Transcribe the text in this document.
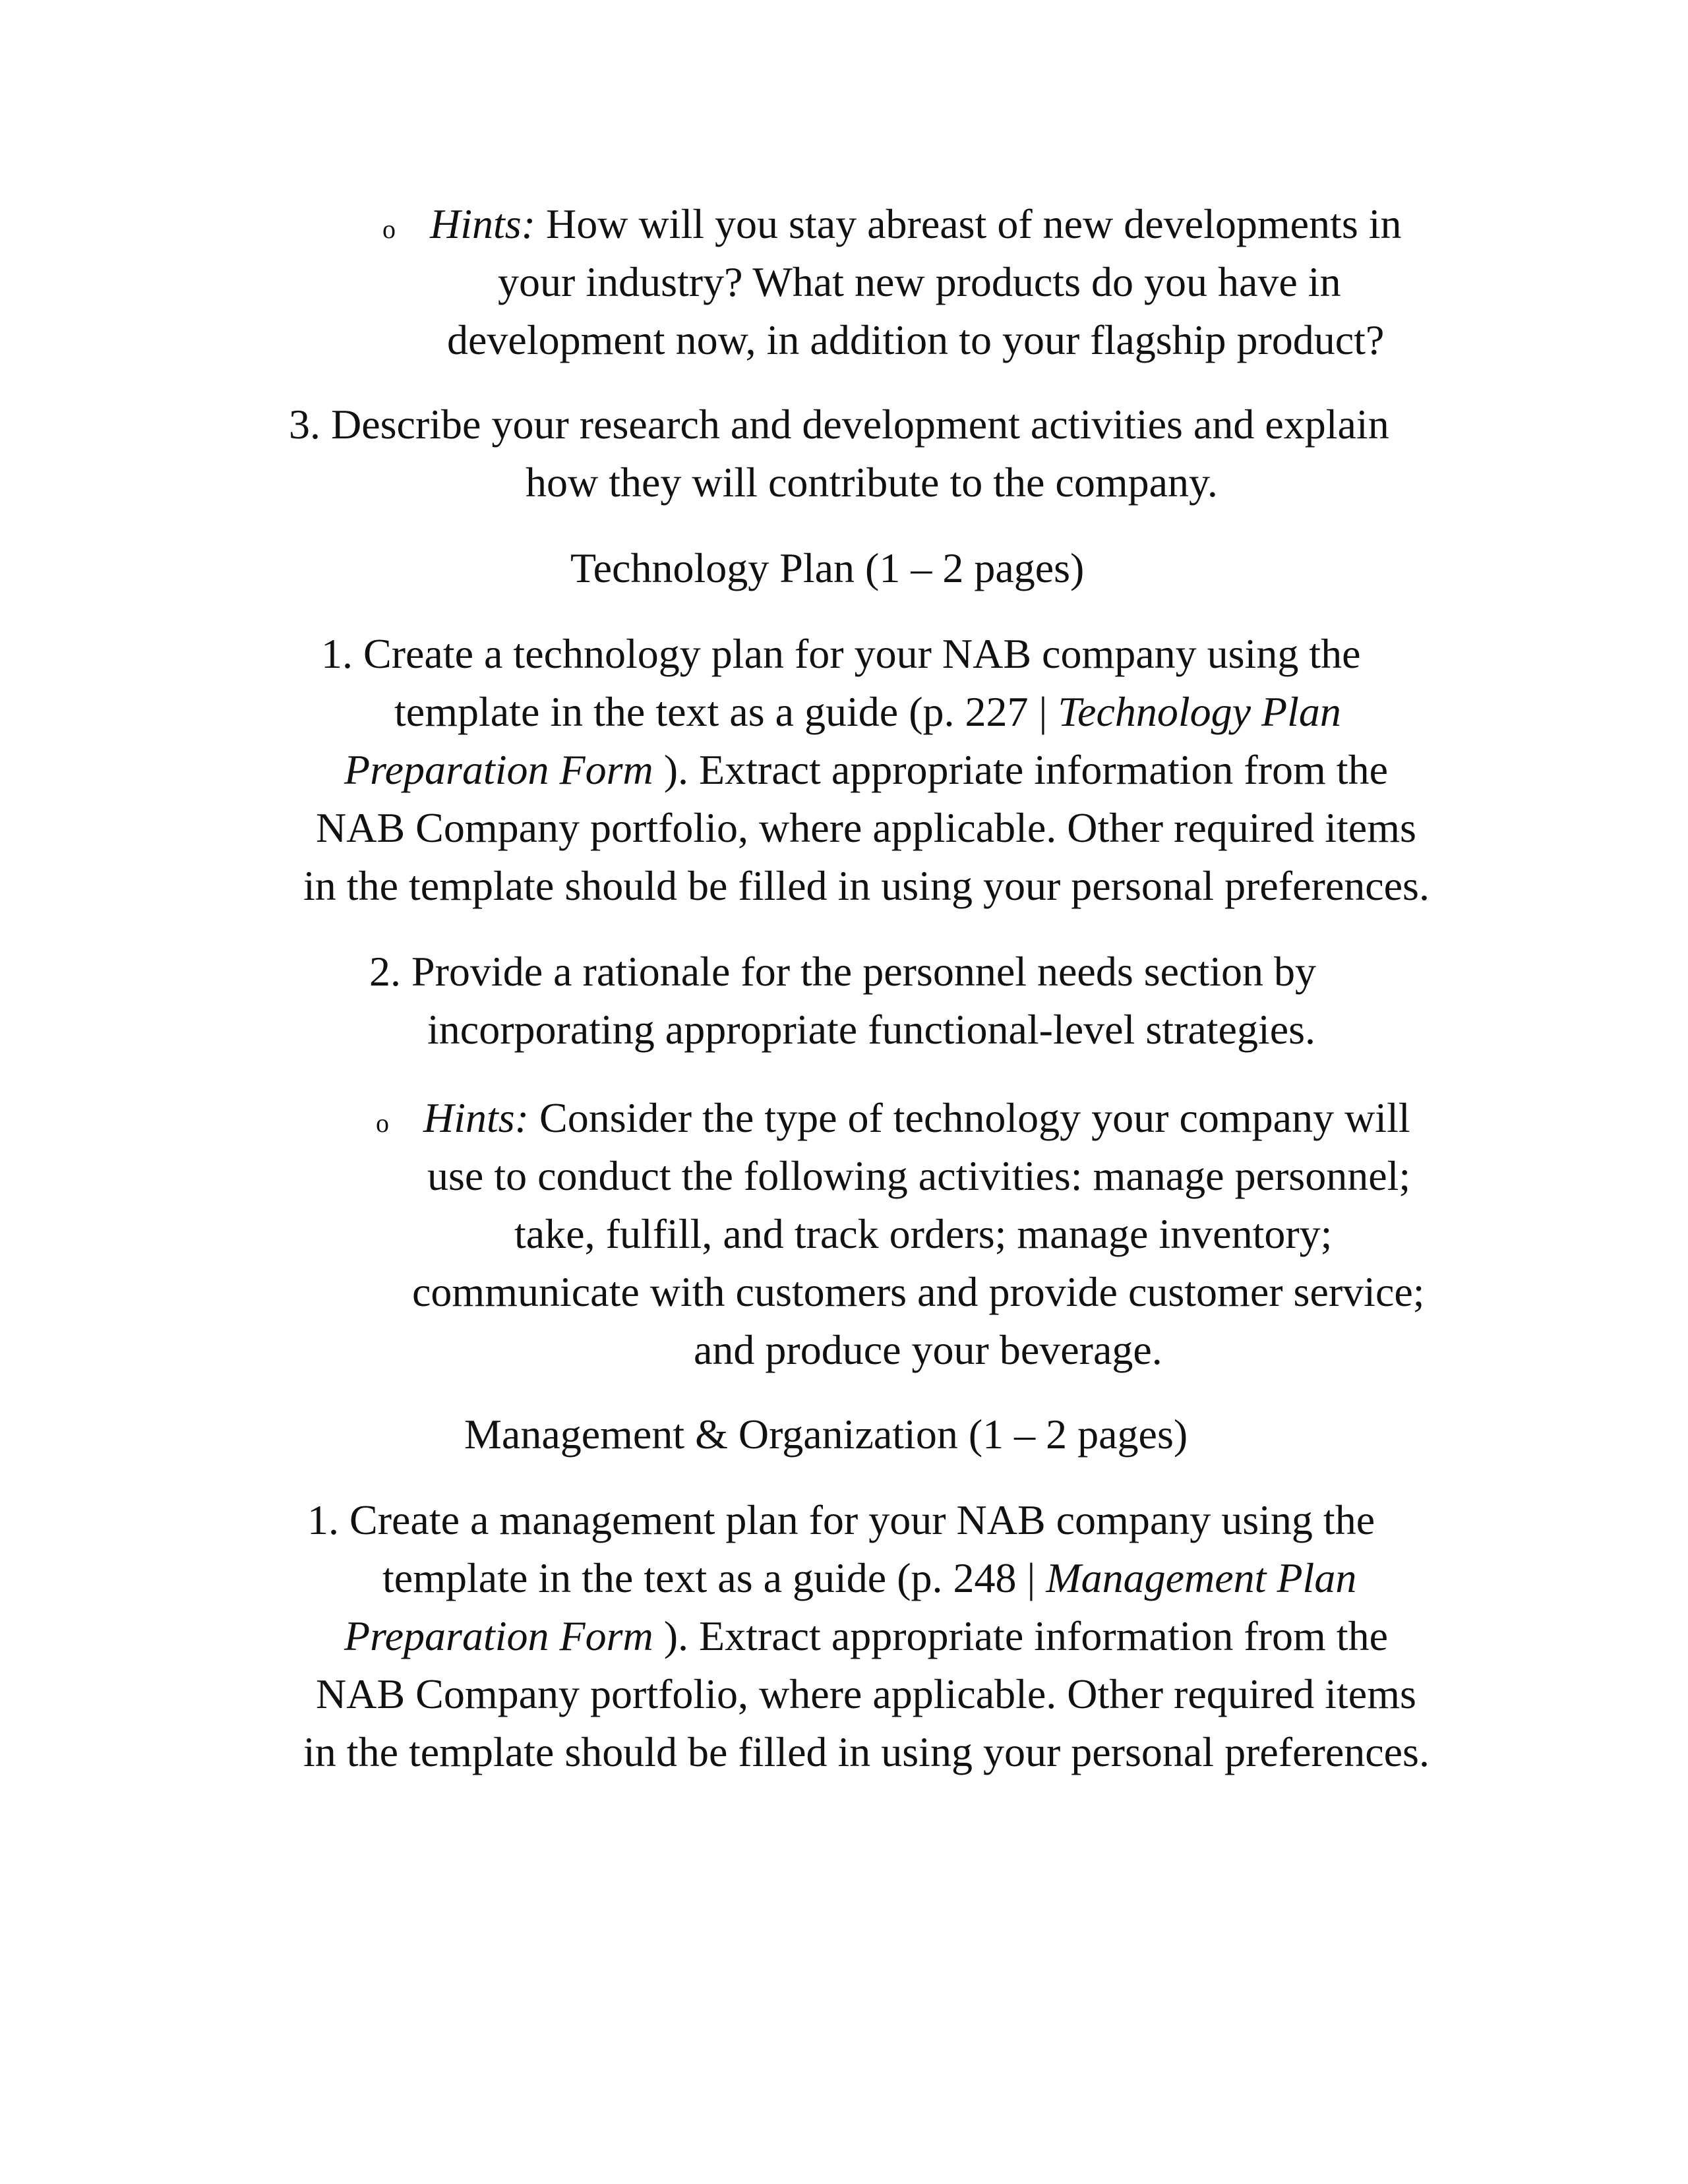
o Hints: How will you stay abreast of new developments in
your industry? What new products do you have in
development now, in addition to your flagship product?
3. Describe your research and development activities and explain
how they will contribute to the company.
Technology Plan (1 – 2 pages)
1. Create a technology plan for your NAB company using the
template in the text as a guide (p. 227 | Technology Plan
Preparation Form ). Extract appropriate information from the
NAB Company portfolio, where applicable. Other required items
in the template should be filled in using your personal preferences.
2. Provide a rationale for the personnel needs section by
incorporating appropriate functional-level strategies.
o Hints: Consider the type of technology your company will
use to conduct the following activities: manage personnel;
take, fulfill, and track orders; manage inventory;
communicate with customers and provide customer service;
and produce your beverage.
Management & Organization (1 – 2 pages)
1. Create a management plan for your NAB company using the
template in the text as a guide (p. 248 | Management Plan
Preparation Form ). Extract appropriate information from the
NAB Company portfolio, where applicable. Other required items
in the template should be filled in using your personal preferences.
